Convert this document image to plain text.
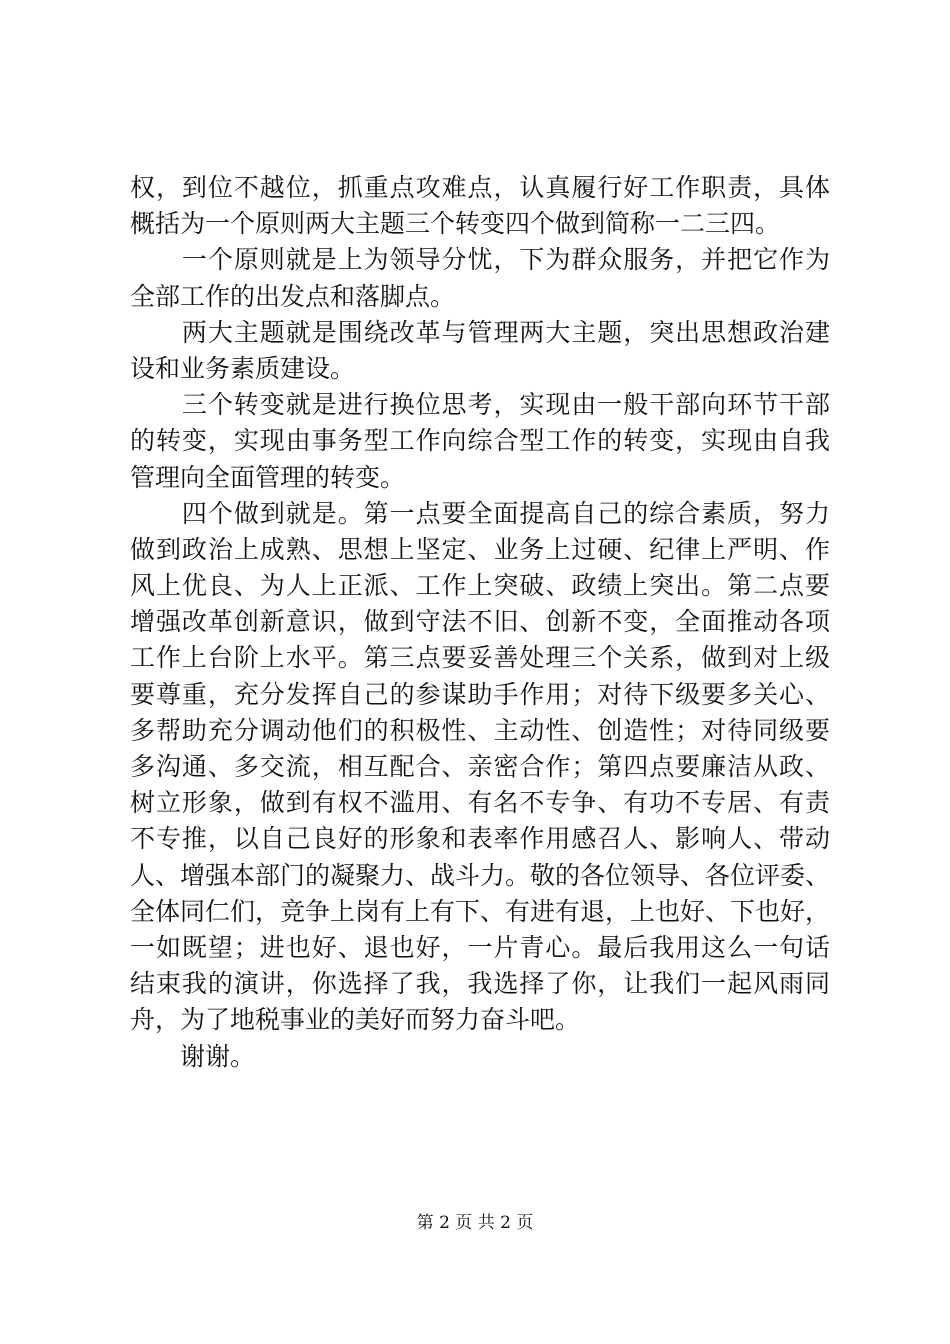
权，到位不越位，抓重点攻难点，认真履行好工作职责，具体
概括为一个原则两大主题三个转变四个做到简称一二三四。
　　一个原则就是上为领导分忧，下为群众服务，并把它作为
全部工作的出发点和落脚点。
　　两大主题就是围绕改革与管理两大主题，突出思想政治建
设和业务素质建设。
　　三个转变就是进行换位思考，实现由一般干部向环节干部
的转变，实现由事务型工作向综合型工作的转变，实现由自我
管理向全面管理的转变。
　　四个做到就是。第一点要全面提高自己的综合素质，努力
做到政治上成熟、思想上坚定、业务上过硬、纪律上严明、作
风上优良、为人上正派、工作上突破、政绩上突出。第二点要
增强改革创新意识，做到守法不旧、创新不变，全面推动各项
工作上台阶上水平。第三点要妥善处理三个关系，做到对上级
要尊重，充分发挥自己的参谋助手作用；对待下级要多关心、
多帮助充分调动他们的积极性、主动性、创造性；对待同级要
多沟通、多交流，相互配合、亲密合作；第四点要廉洁从政、
树立形象，做到有权不滥用、有名不专争、有功不专居、有责
不专推，以自己良好的形象和表率作用感召人、影响人、带动
人、增强本部门的凝聚力、战斗力。敬的各位领导、各位评委、
全体同仁们，竞争上岗有上有下、有进有退，上也好、下也好，
一如既望；进也好、退也好，一片青心。最后我用这么一句话
结束我的演讲，你选择了我，我选择了你，让我们一起风雨同
舟，为了地税事业的美好而努力奋斗吧。
　　谢谢。
第 2 页 共 2 页
